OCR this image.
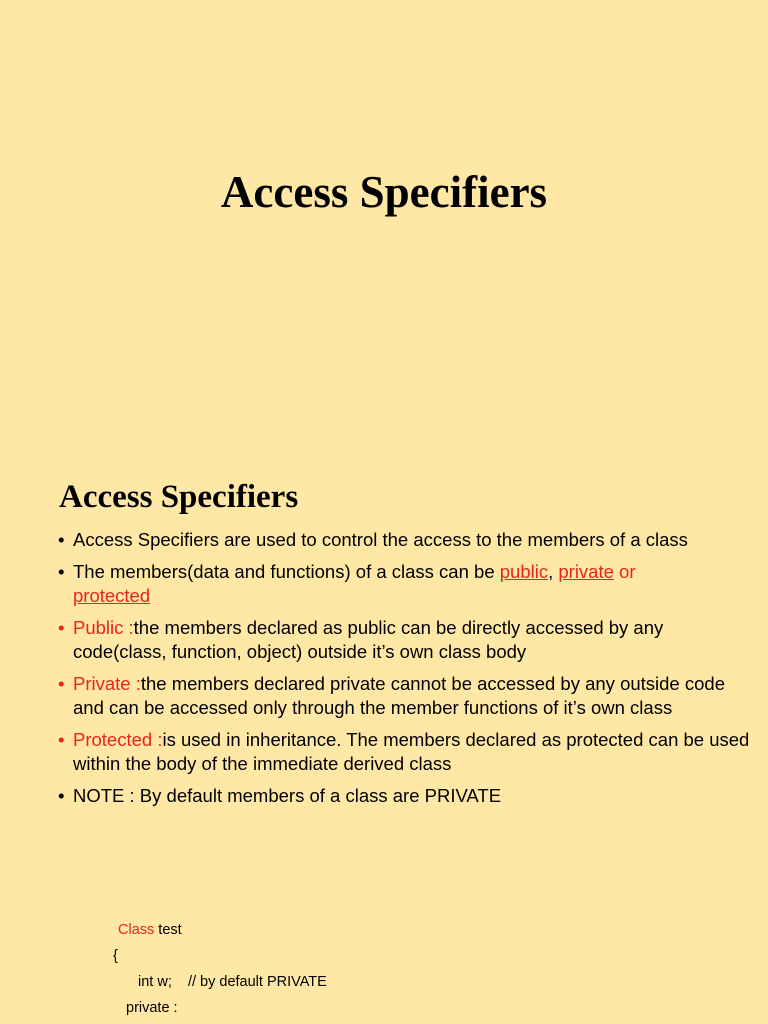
Access Specifiers
Access Specifiers
• Access Specifiers are used to control the access to the members of a class
• The members(data and functions) of a class can be public, private or
protected
• Public :the members declared as public can be directly accessed by any code(class, function, object) outside it’s own class body
• Private :the members declared private cannot be accessed by any outside code and can be accessed only through the member functions of it’s own class
• Protected :is used in inheritance. The members declared as protected can be used within the body of the immediate derived class
• NOTE : By default members of a class are PRIVATE
Class test
{
int w;    // by default PRIVATE
private :
